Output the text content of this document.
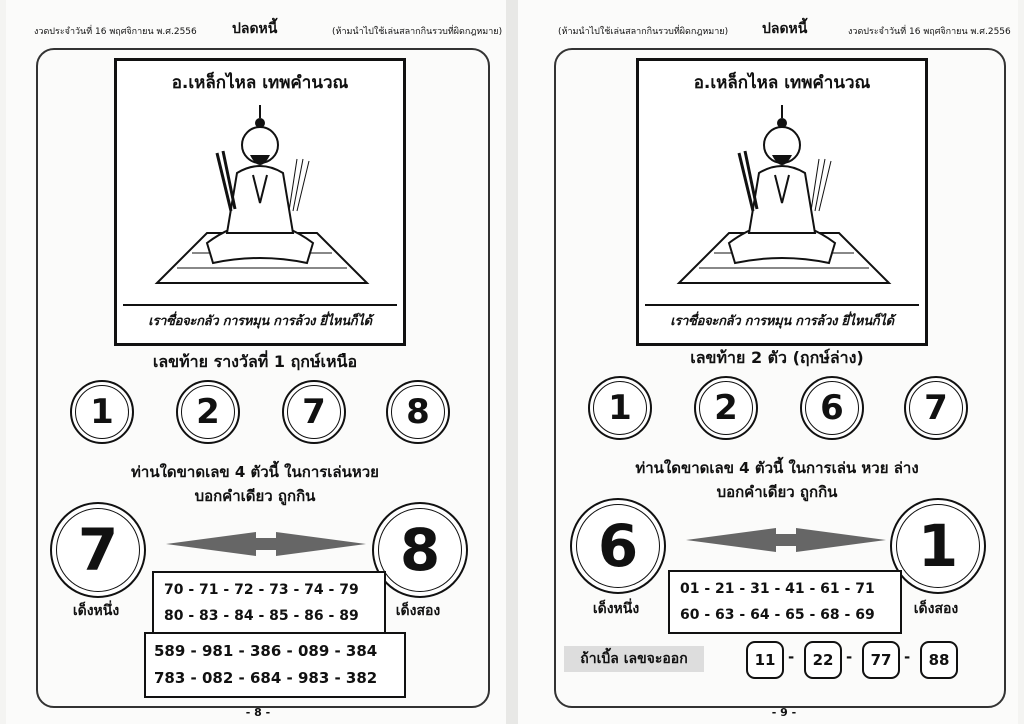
งวดประจำวันที่ 16 พฤศจิกายน พ.ศ.2556	ปลดหนี้	(ห้ามนำไปใช้เล่นสลากกินรวบที่ผิดกฎหมาย)
อ.เหล็กไหล เทพคำนวณ
เราซื่อจะกลัว การหมุน การล้วง ยี่ไหนก็ได้
เลขท้าย รางวัลที่ 1 ฤกษ์เหนือ
1	2	7	8
ท่านใดขาดเลข 4 ตัวนี้ ในการเล่นหวย
บอกคำเดียว ถูกกิน
7	8
เด็งหนึ่ง	เด็งสอง
70 - 71 - 72 - 73 - 74 - 79
80 - 83 - 84 - 85 - 86 - 89
589 - 981 - 386 - 089 - 384
783 - 082 - 684 - 983 - 382
- 8 -
(ห้ามนำไปใช้เล่นสลากกินรวบที่ผิดกฎหมาย) ปลดหนี้	งวดประจำวันที่ 16 พฤศจิกายน พ.ศ.2556
อ.เหล็กไหล เทพคำนวณ
เราซื่อจะกลัว การหมุน การล้วง ยี่ไหนก็ได้
เลขท้าย 2 ตัว (ฤกษ์ล่าง)
1	2	6	7
ท่านใดขาดเลข 4 ตัวนี้ ในการเล่น หวย ล่าง
บอกคำเดียว ถูกกิน
6	1
เด็งหนึ่ง	เด็งสอง
01 - 21 - 31 - 41 - 61 - 71
60 - 63 - 64 - 65 - 68 - 69
ถ้าเบิ้ล เลขจะออก	11 -	22 -	77 -	88
- 9 -
